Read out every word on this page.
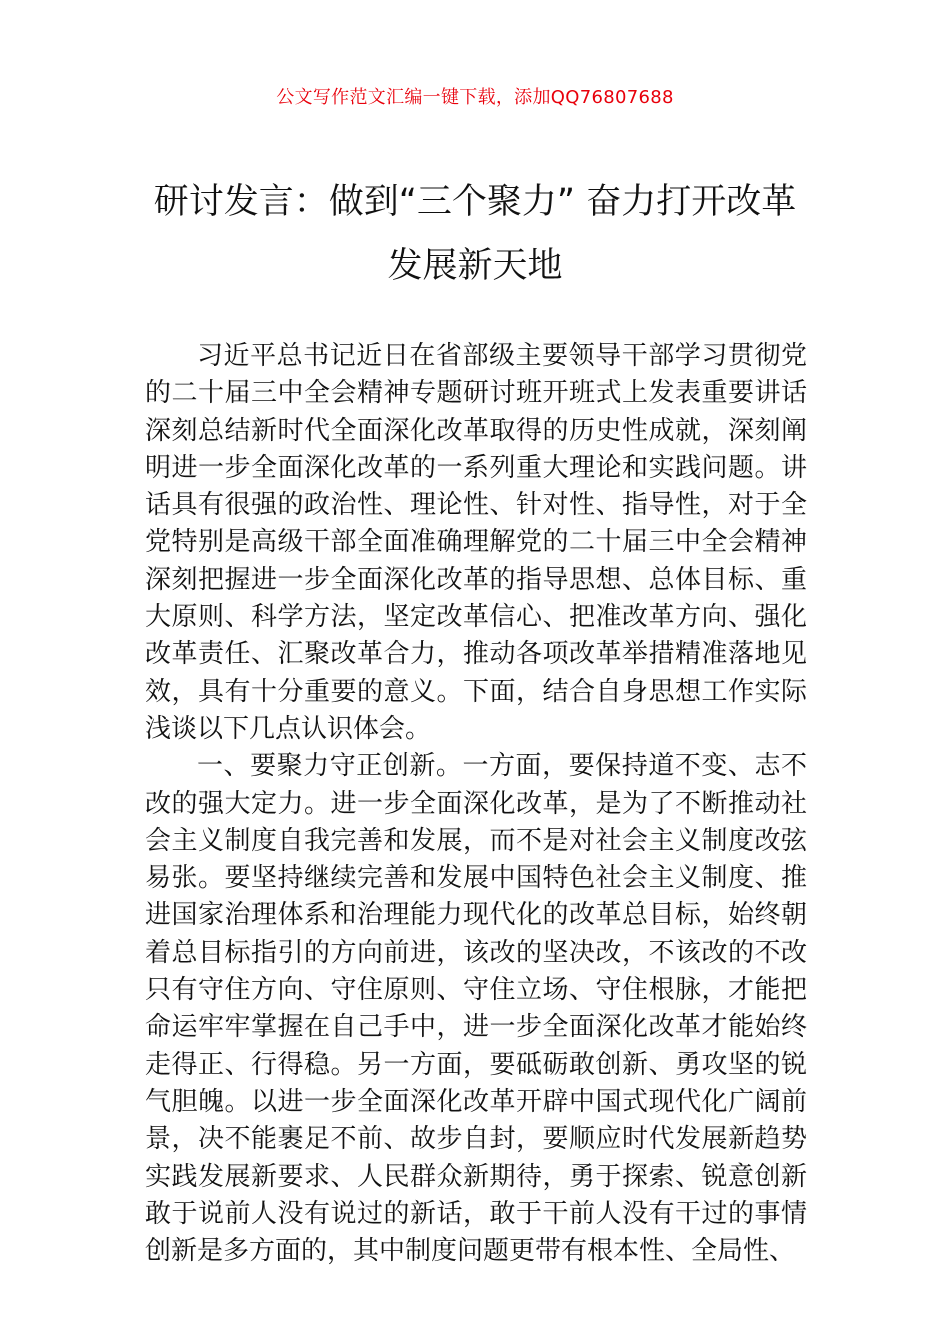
公文写作范文汇编一键下载，添加QQ76807688
研讨发言：做到“三个聚力” 奋力打开改革发展新天地

习近平总书记近日在省部级主要领导干部学习贯彻党的二十届三中全会精神专题研讨班开班式上发表重要讲话深刻总结新时代全面深化改革取得的历史性成就，深刻阐明进一步全面深化改革的一系列重大理论和实践问题。讲话具有很强的政治性、理论性、针对性、指导性，对于全党特别是高级干部全面准确理解党的二十届三中全会精神深刻把握进一步全面深化改革的指导思想、总体目标、重大原则、科学方法，坚定改革信心、把准改革方向、强化改革责任、汇聚改革合力，推动各项改革举措精准落地见效，具有十分重要的意义。下面，结合自身思想工作实际浅谈以下几点认识体会。

一、要聚力守正创新。一方面，要保持道不变、志不改的强大定力。进一步全面深化改革，是为了不断推动社会主义制度自我完善和发展，而不是对社会主义制度改弦易张。要坚持继续完善和发展中国特色社会主义制度、推进国家治理体系和治理能力现代化的改革总目标，始终朝着总目标指引的方向前进，该改的坚决改，不该改的不改只有守住方向、守住原则、守住立场、守住根脉，才能把命运牢牢掌握在自己手中，进一步全面深化改革才能始终走得正、行得稳。另一方面，要砥砺敢创新、勇攻坚的锐气胆魄。以进一步全面深化改革开辟中国式现代化广阔前景，决不能裹足不前、故步自封，要顺应时代发展新趋势实践发展新要求、人民群众新期待，勇于探索、锐意创新敢于说前人没有说过的新话，敢于干前人没有干过的事情创新是多方面的，其中制度问题更带有根本性、全局性、
